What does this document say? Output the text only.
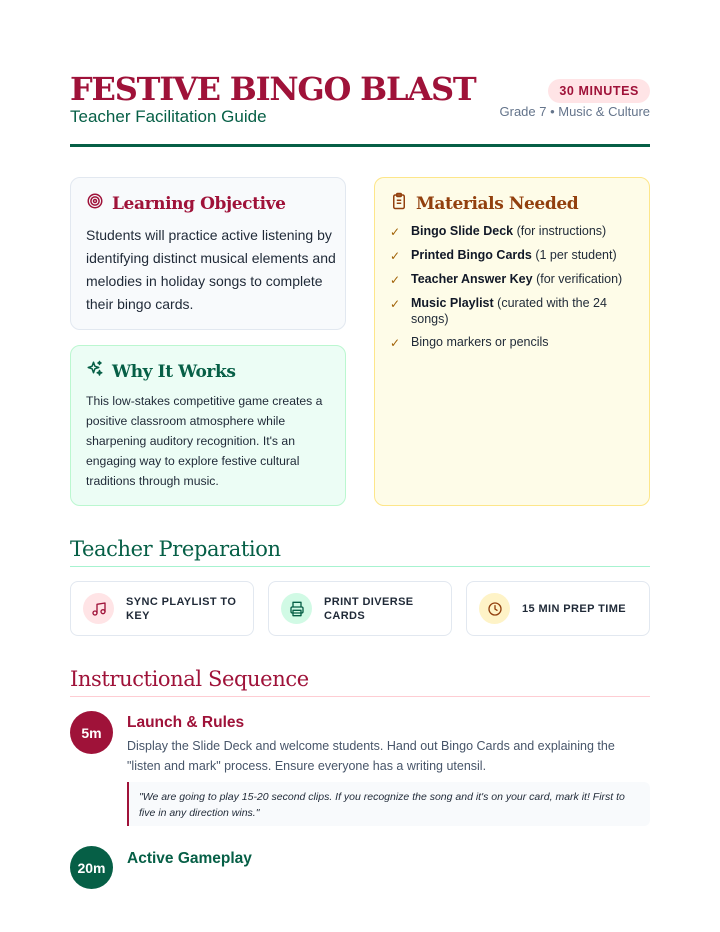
FESTIVE BINGO BLAST
Teacher Facilitation Guide
30 MINUTES
Grade 7 • Music & Culture
Learning Objective
Students will practice active listening by identifying distinct musical elements and melodies in holiday songs to complete their bingo cards.
Why It Works
This low-stakes competitive game creates a positive classroom atmosphere while sharpening auditory recognition. It's an engaging way to explore festive cultural traditions through music.
Materials Needed
✓ Bingo Slide Deck (for instructions)
✓ Printed Bingo Cards (1 per student)
✓ Teacher Answer Key (for verification)
✓ Music Playlist (curated with the 24 songs)
✓ Bingo markers or pencils
Teacher Preparation
SYNC PLAYLIST TO KEY
PRINT DIVERSE CARDS
15 MIN PREP TIME
Instructional Sequence
5m
Launch & Rules
Display the Slide Deck and welcome students. Hand out Bingo Cards and explaining the "listen and mark" process. Ensure everyone has a writing utensil.
"We are going to play 15-20 second clips. If you recognize the song and it's on your card, mark it! First to five in any direction wins."
20m
Active Gameplay
